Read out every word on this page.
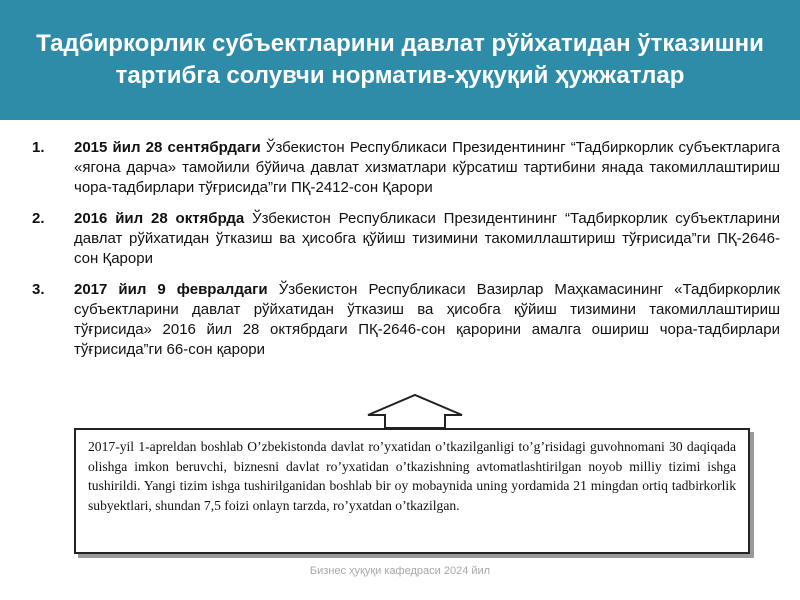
Тадбиркорлик субъектларини давлат рўйхатидан ўтказишни тартибга солувчи норматив-ҳуқуқий ҳужжатлар
1.	2015 йил 28 сентябрдаги Ўзбекистон Республикаси Президентининг “Тадбиркорлик субъектларига «ягона дарча» тамойили бўйича давлат хизматлари кўрсатиш тартибини янада такомиллаштириш чора-тадбирлари тўғрисида”ги ПҚ-2412-сон Қарори
2.	2016 йил 28 октябрда Ўзбекистон Республикаси Президентининг “Тадбиркорлик субъектларини давлат рўйхатидан ўтказиш ва ҳисобга қўйиш тизимини такомиллаштириш тўғрисида”ги ПҚ-2646-сон Қарори
3.	2017 йил 9 февралдаги Ўзбекистон Республикаси Вазирлар Маҳкамасининг «Тадбиркорлик субъектларини давлат рўйхатидан ўтказиш ва ҳисобга қўйиш тизимини такомиллаштириш тўғрисида» 2016 йил 28 октябрдаги ПҚ-2646-сон қарорини амалга ошириш чора-тадбирлари тўғрисида”ги 66-сон қарори
2017-yil 1-apreldan boshlab O’zbekistonda davlat ro’yxatidan o’tkazilganligi to’g’risidagi guvohnomani 30 daqiqada olishga imkon beruvchi, biznesni davlat ro’yxatidan o’tkazishning avtomatlashtirilgan noyob milliy tizimi ishga tushirildi. Yangi tizim ishga tushirilganidan boshlab bir oy mobaynida uning yordamida 21 mingdan ortiq tadbirkorlik subyektlari, shundan 7,5 foizi onlayn tarzda, ro’yxatdan o’tkazilgan.
Бизнес ҳуқуқи кафедраси 2024 йил
